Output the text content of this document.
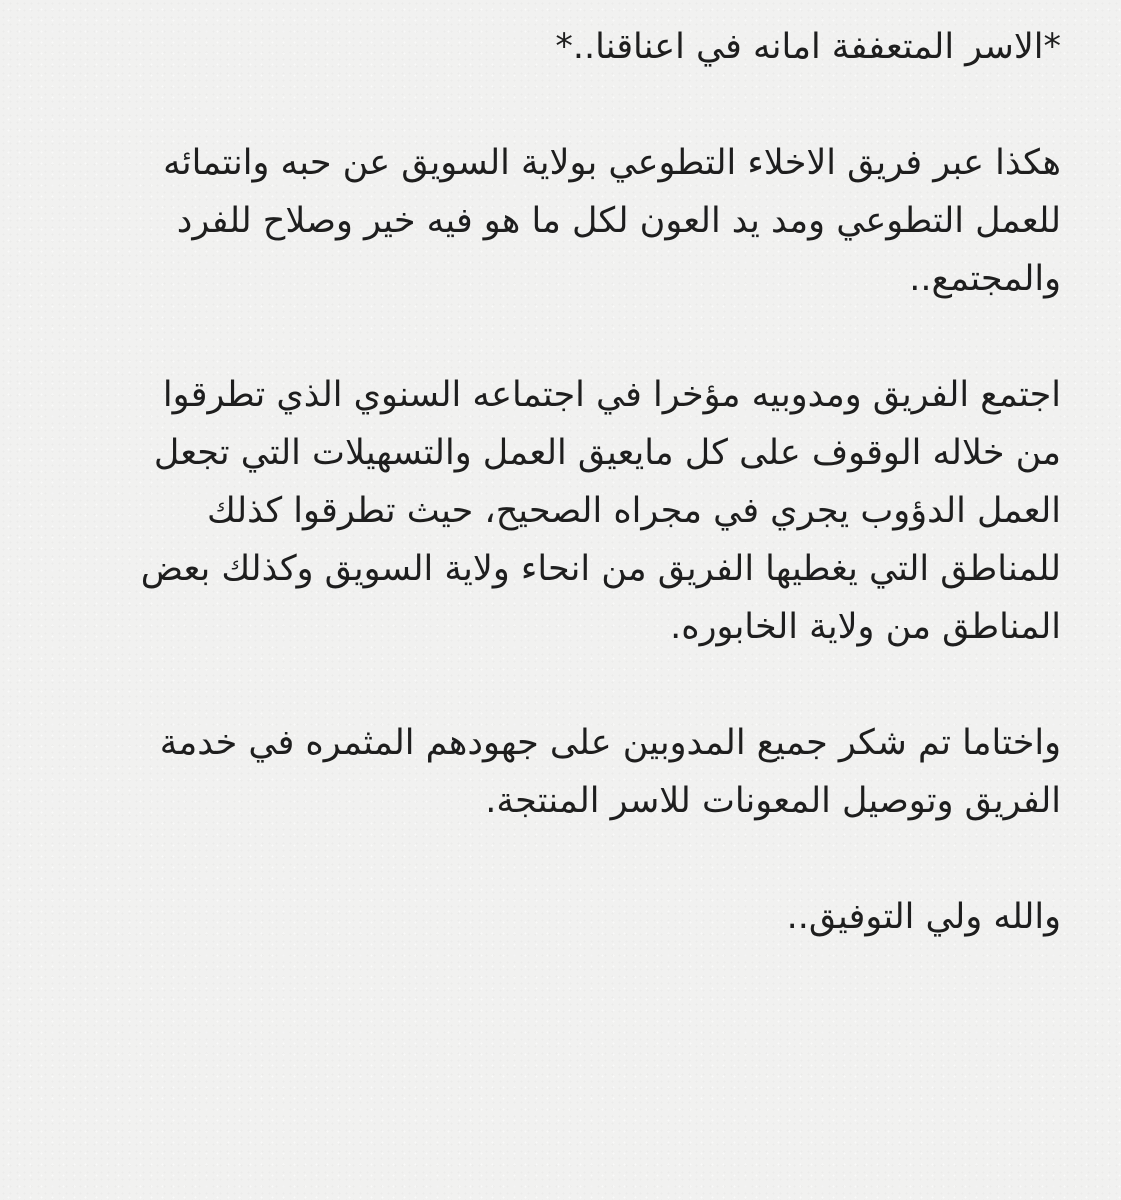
*الاسر المتعففة امانه في اعناقنا..*
هكذا عبر فريق الاخلاء التطوعي بولاية السويق عن حبه وانتمائه
للعمل التطوعي ومد يد العون لكل ما هو فيه خير وصلاح للفرد
والمجتمع..
اجتمع الفريق ومدوبيه مؤخرا في اجتماعه السنوي الذي تطرقوا
من خلاله الوقوف على كل مايعيق العمل والتسهيلات التي تجعل
العمل الدؤوب يجري في مجراه الصحيح، حيث تطرقوا كذلك
للمناطق التي يغطيها الفريق من انحاء ولاية السويق وكذلك بعض
المناطق من ولاية الخابوره.
واختاما تم شكر جميع المدوبين على جهودهم المثمره في خدمة
الفريق وتوصيل المعونات للاسر المنتجة.
والله ولي التوفيق..
